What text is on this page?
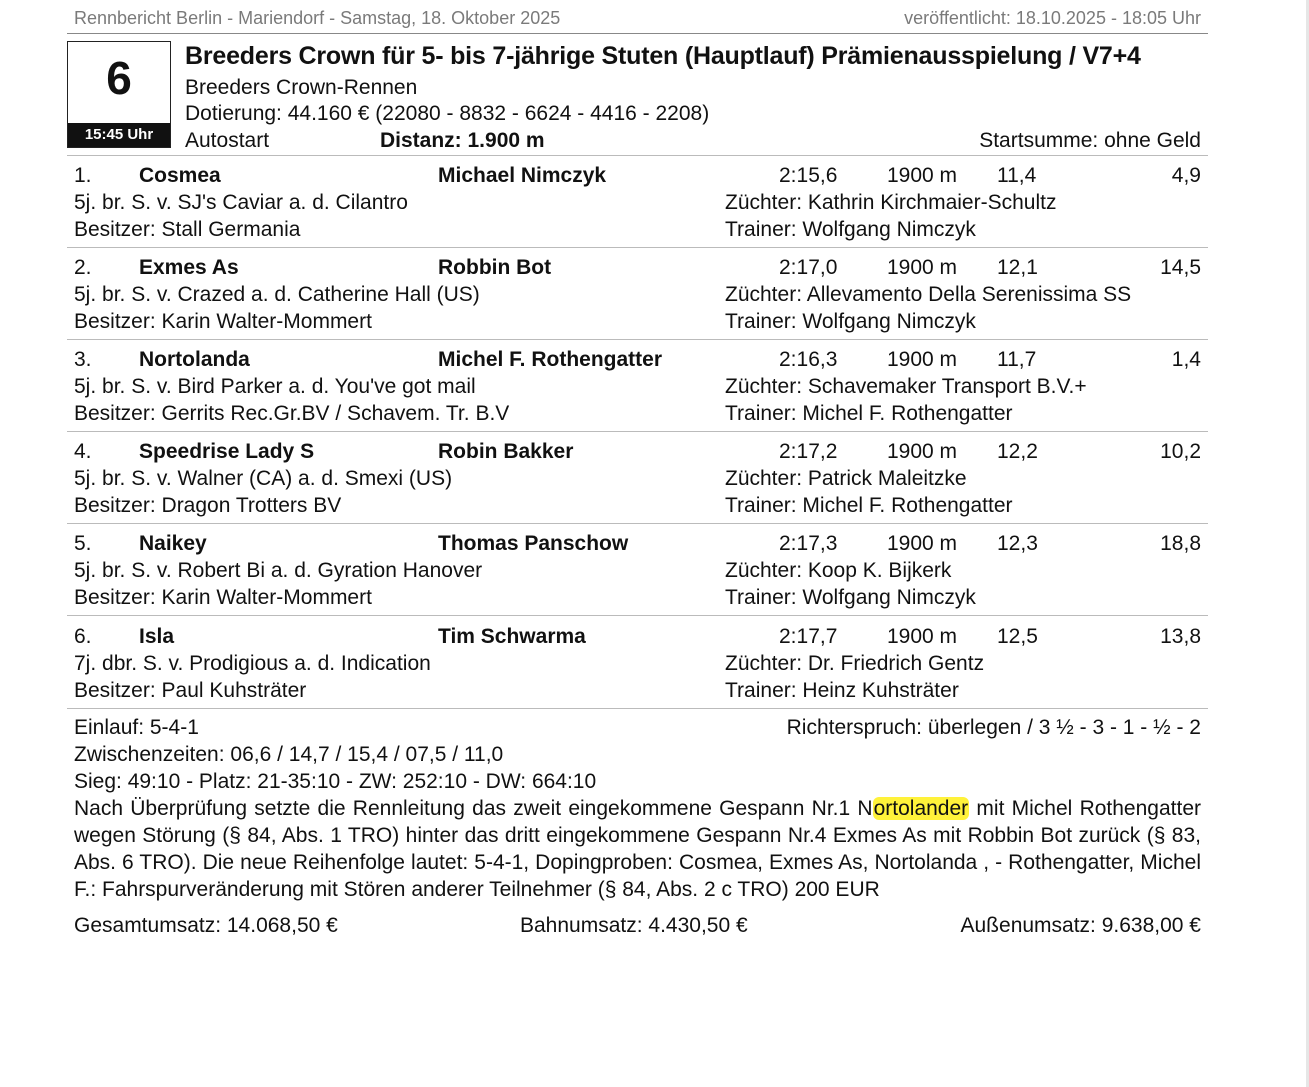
Rennbericht Berlin - Mariendorf - Samstag, 18. Oktober 2025	veröffentlicht: 18.10.2025 - 18:05 Uhr
6
15:45 Uhr
Breeders Crown für 5- bis 7-jährige Stuten (Hauptlauf) Prämienausspielung / V7+4
Breeders Crown-Rennen
Dotierung: 44.160 € (22080 - 8832 - 6624 - 4416 - 2208)
Autostart	Distanz: 1.900 m	Startsumme: ohne Geld
1. Cosmea	Michael Nimczyk	2:15,6 1900 m 11,4	4,9
5j. br. S. v. SJ's Caviar a. d. Cilantro	Züchter: Kathrin Kirchmaier-Schultz
Besitzer: Stall Germania	Trainer: Wolfgang Nimczyk
2. Exmes As	Robbin Bot	2:17,0 1900 m 12,1	14,5
5j. br. S. v. Crazed a. d. Catherine Hall (US)	Züchter: Allevamento Della Serenissima SS
Besitzer: Karin Walter-Mommert	Trainer: Wolfgang Nimczyk
3. Nortolanda	Michel F. Rothengatter	2:16,3 1900 m 11,7	1,4
5j. br. S. v. Bird Parker a. d. You've got mail	Züchter: Schavemaker Transport B.V.+
Besitzer: Gerrits Rec.Gr.BV / Schavem. Tr. B.V	Trainer: Michel F. Rothengatter
4. Speedrise Lady S	Robin Bakker	2:17,2 1900 m 12,2	10,2
5j. br. S. v. Walner (CA) a. d. Smexi (US)	Züchter: Patrick Maleitzke
Besitzer: Dragon Trotters BV	Trainer: Michel F. Rothengatter
5. Naikey	Thomas Panschow	2:17,3 1900 m 12,3	18,8
5j. br. S. v. Robert Bi a. d. Gyration Hanover	Züchter: Koop K. Bijkerk
Besitzer: Karin Walter-Mommert	Trainer: Wolfgang Nimczyk
6. Isla	Tim Schwarma	2:17,7 1900 m 12,5	13,8
7j. dbr. S. v. Prodigious a. d. Indication	Züchter: Dr. Friedrich Gentz
Besitzer: Paul Kuhsträter	Trainer: Heinz Kuhsträter
Einlauf: 5-4-1	Richterspruch: überlegen / 3 ½ - 3 - 1 - ½ - 2
Zwischenzeiten: 06,6 / 14,7 / 15,4 / 07,5 / 11,0
Sieg: 49:10 - Platz: 21-35:10 - ZW: 252:10 - DW: 664:10
Nach Überprüfung setzte die Rennleitung das zweit eingekommene Gespann Nr.1 Nortolander mit Michel Rothengatter wegen Störung (§ 84, Abs. 1 TRO) hinter das dritt eingekommene Gespann Nr.4 Exmes As mit Robbin Bot zurück (§ 83, Abs. 6 TRO). Die neue Reihenfolge lautet: 5-4-1, Dopingproben: Cosmea, Exmes As, Nortolanda , - Rothengatter, Michel F.: Fahrspurveränderung mit Stören anderer Teilnehmer (§ 84, Abs. 2 c TRO) 200 EUR
Gesamtumsatz: 14.068,50 €	Bahnumsatz: 4.430,50 €	Außenumsatz: 9.638,00 €
